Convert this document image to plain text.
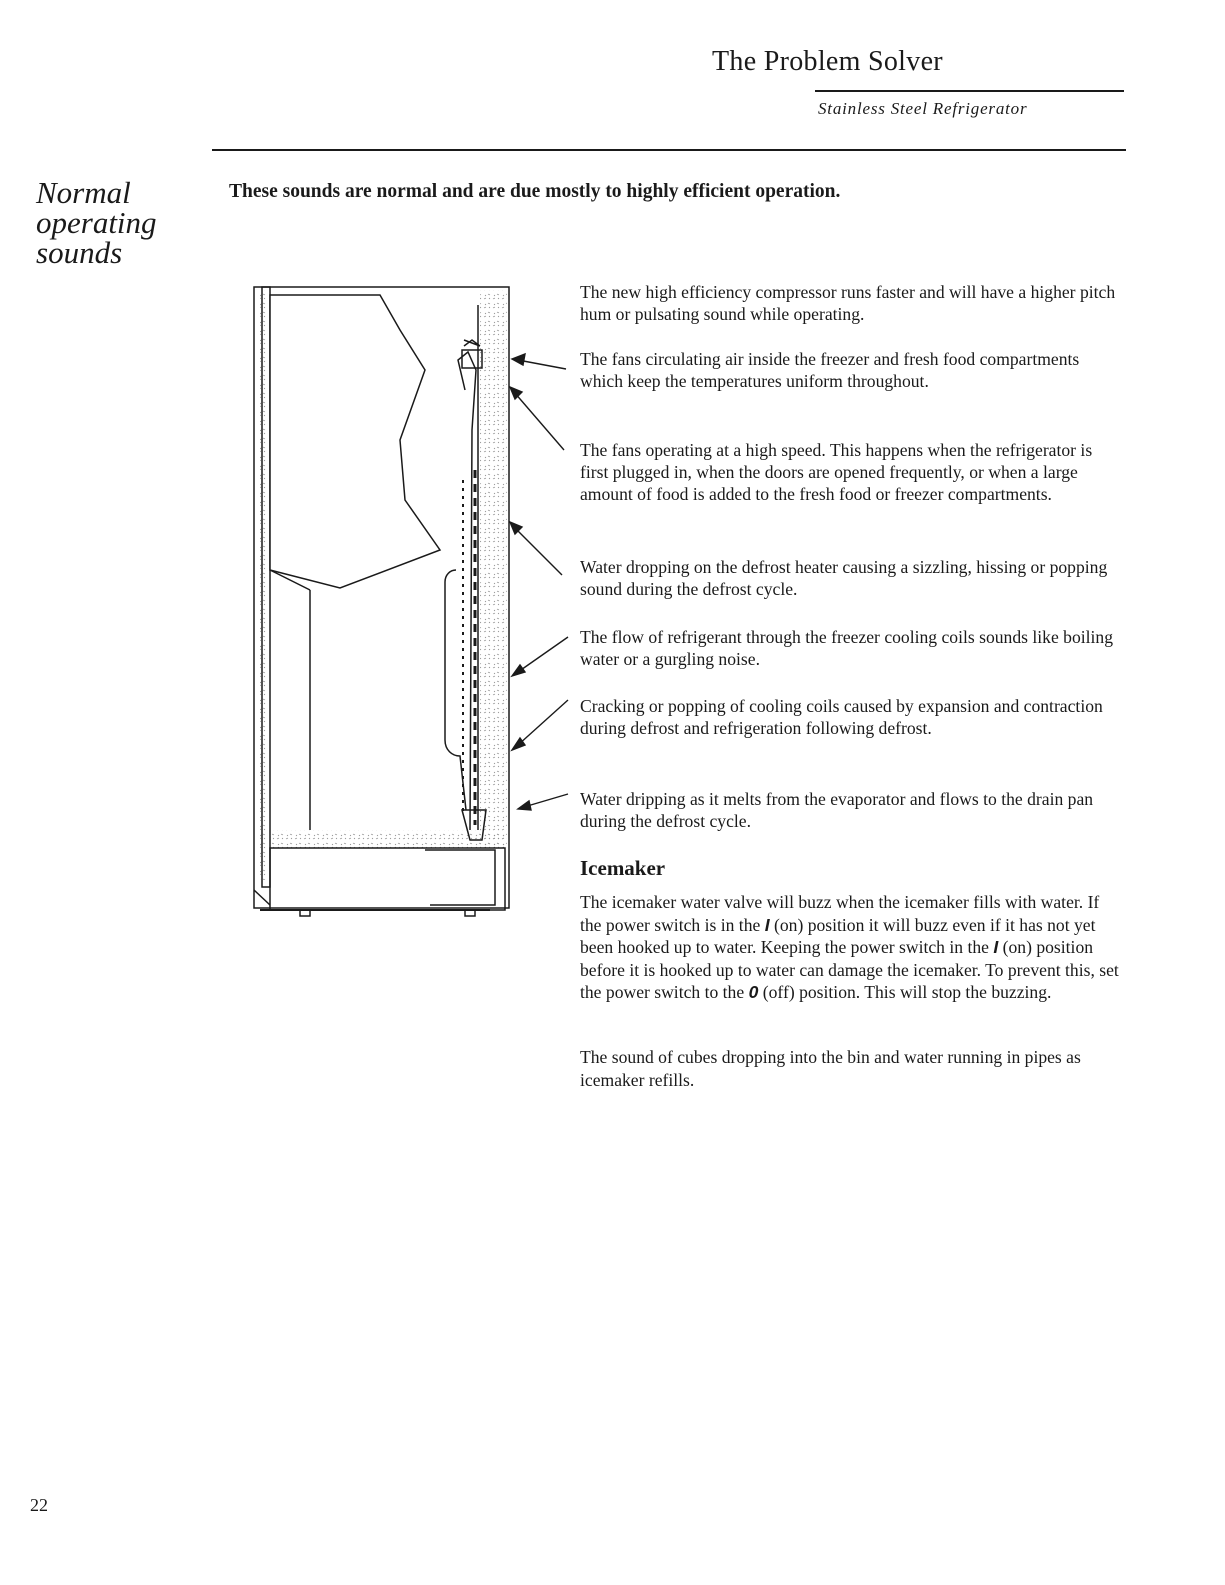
The Problem Solver
Stainless Steel Refrigerator
Normal operating sounds
These sounds are normal and are due mostly to highly efficient operation.

The new high efficiency compressor runs faster and will have a higher pitch hum or pulsating sound while operating.

The fans circulating air inside the freezer and fresh food compartments which keep the temperatures uniform throughout.

The fans operating at a high speed. This happens when the refrigerator is first plugged in, when the doors are opened frequently, or when a large amount of food is added to the fresh food or freezer compartments.

Water dropping on the defrost heater causing a sizzling, hissing or popping sound during the defrost cycle.

The flow of refrigerant through the freezer cooling coils sounds like boiling water or a gurgling noise.

Cracking or popping of cooling coils caused by expansion and contraction during defrost and refrigeration following defrost.

Water dripping as it melts from the evaporator and flows to the drain pan during the defrost cycle.

Icemaker

The icemaker water valve will buzz when the icemaker fills with water. If the power switch is in the I (on) position it will buzz even if it has not yet been hooked up to water. Keeping the power switch in the I (on) position before it is hooked up to water can damage the icemaker. To prevent this, set the power switch to the 0 (off) position. This will stop the buzzing.

The sound of cubes dropping into the bin and water running in pipes as icemaker refills.

22
